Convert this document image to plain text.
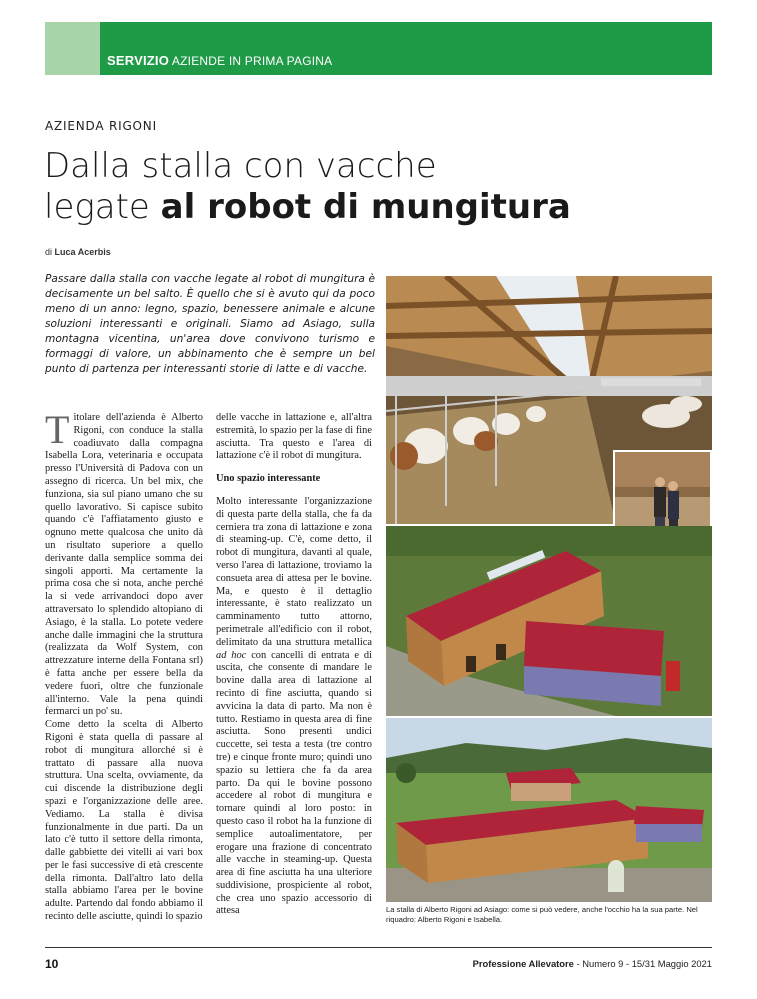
SERVIZIO AZIENDE IN PRIMA PAGINA
AZIENDA RIGONI
Dalla stalla con vacche
legate al robot di mungitura
di Luca Acerbis

Passare dalla stalla con vacche legate al robot di mungitura è decisamente un bel salto. È quello che si è avuto qui da poco meno di un anno: legno, spazio, benessere animale e alcune soluzioni interessanti e originali. Siamo ad Asiago, sulla montagna vicentina, un'area dove convivono turismo e formaggi di valore, un abbinamento che è sempre un bel punto di partenza per interessanti storie di latte e di vacche.

Titolare dell'azienda è Alberto Rigoni, con conduce la stalla coadiuvato dalla compagna Isabella Lora, veterinaria e occupata presso l'Università di Padova con un assegno di ricerca. Un bel mix, che funziona, sia sul piano umano che su quello lavorativo. Si capisce subito quando c'è l'affiatamento giusto e ognuno mette qualcosa che unito dà un risultato superiore a quello derivante dalla semplice somma dei singoli apporti. Ma certamente la prima cosa che si nota, anche perché la si vede arrivandoci dopo aver attraversato lo splendido altopiano di Asiago, è la stalla. Lo potete vedere anche dalle immagini che la struttura (realizzata da Wolf System, con attrezzature interne della Fontana srl) è fatta anche per essere bella da vedere fuori, oltre che funzionale all'interno. Vale la pena quindi fermarci un po' su.

Come detto la scelta di Alberto Rigoni è stata quella di passare al robot di mungitura allorché si è trattato di passare alla nuova struttura. Una scelta, ovviamente, da cui discende la distribuzione degli spazi e l'organizzazione delle aree. Vediamo. La stalla è divisa funzionalmente in due parti. Da un lato c'è tutto il settore della rimonta, dalle gabbiette dei vitelli ai vari box per le fasi successive di età crescente della rimonta. Dall'altro lato della stalla abbiamo l'area per le bovine adulte. Partendo dal fondo abbiamo il recinto delle asciutte, quindi lo spazio

delle vacche in lattazione e, all'altra estremità, lo spazio per la fase di fine asciutta. Tra questo e l'area di lattazione c'è il robot di mungitura.

Uno spazio interessante

Molto interessante l'organizzazione di questa parte della stalla, che fa da cerniera tra zona di lattazione e zona di steaming-up. C'è, come detto, il robot di mungitura, davanti al quale, verso l'area di lattazione, troviamo la consueta area di attesa per le bovine. Ma, e questo è il dettaglio interessante, è stato realizzato un camminamento tutto attorno, perimetrale all'edificio con il robot, delimitato da una struttura metallica ad hoc con cancelli di entrata e di uscita, che consente di mandare le bovine dalla area di lattazione al recinto di fine asciutta, quando si avvicina la data di parto. Ma non è tutto. Restiamo in questa area di fine asciutta. Sono presenti undici cuccette, sei testa a testa (tre contro tre) e cinque fronte muro; quindi uno spazio su lettiera che fa da area parto. Da qui le bovine possono accedere al robot di mungitura e tornare quindi al loro posto: in questo caso il robot ha la funzione di semplice autoalimentatore, per erogare una frazione di concentrato alle vacche in steaming-up. Questa area di fine asciutta ha una ulteriore suddivisione, prospiciente al robot, che crea uno spazio accessorio di attesa	La stalla di Alberto Rigoni ad Asiago: come si può vedere, anche l'occhio ha la sua parte. Nel riquadro: Alberto Rigoni e Isabella.

10	Professione Allevatore - Numero 9 - 15/31 Maggio 2021
